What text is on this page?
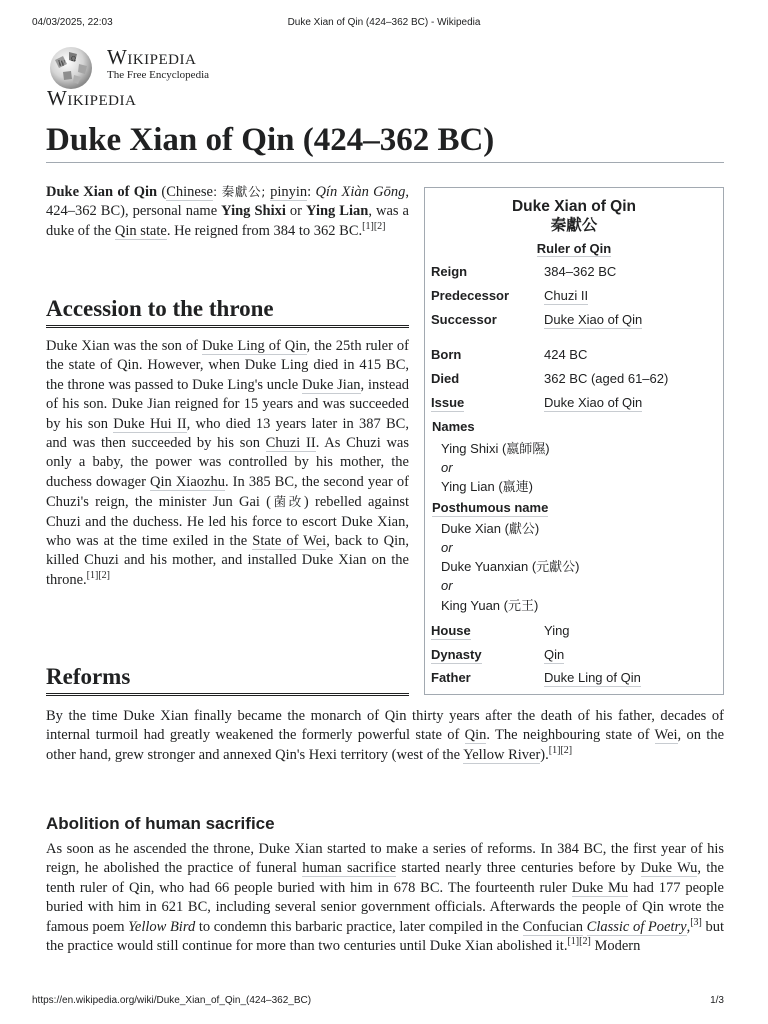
04/03/2025, 22:03	Duke Xian of Qin (424–362 BC) - Wikipedia
W
Ω Wikipedia
The Free Encyclopedia
Wikipedia
Duke Xian of Qin (424–362 BC)
Duke Xian of Qin (Chinese: 秦獻公; pinyin: Qín Xiàn Gōng, 424–362 BC), personal name Ying Shixi or Ying Lian, was a duke of the Qin state. He reigned from 384 to 362 BC.[1][2]
Accession to the throne
Duke Xian was the son of Duke Ling of Qin, the 25th ruler of the state of Qin. However, when Duke Ling died in 415 BC, the throne was passed to Duke Ling's uncle Duke Jian, instead of his son. Duke Jian reigned for 15 years and was succeeded by his son Duke Hui II, who died 13 years later in 387 BC, and was then succeeded by his son Chuzi II. As Chuzi was only a baby, the power was controlled by his mother, the duchess dowager Qin Xiaozhu. In 385 BC, the second year of Chuzi's reign, the minister Jun Gai (菌改) rebelled against Chuzi and the duchess. He led his force to escort Duke Xian, who was at the time exiled in the State of Wei, back to Qin, killed Chuzi and his mother, and installed Duke Xian on the throne.[1][2]
Reforms
By the time Duke Xian finally became the monarch of Qin thirty years after the death of his father, decades of internal turmoil had greatly weakened the formerly powerful state of Qin. The neighbouring state of Wei, on the other hand, grew stronger and annexed Qin's Hexi territory (west of the Yellow River).[1][2]
Abolition of human sacrifice
As soon as he ascended the throne, Duke Xian started to make a series of reforms. In 384 BC, the first year of his reign, he abolished the practice of funeral human sacrifice started nearly three centuries before by Duke Wu, the tenth ruler of Qin, who had 66 people buried with him in 678 BC. The fourteenth ruler Duke Mu had 177 people buried with him in 621 BC, including several senior government officials. Afterwards the people of Qin wrote the famous poem Yellow Bird to condemn this barbaric practice, later compiled in the Confucian Classic of Poetry,[3] but the practice would still continue for more than two centuries until Duke Xian abolished it.[1][2] Modern
Duke Xian of Qin
秦獻公
Ruler of Qin
Reign	384–362 BC
Predecessor	Chuzi II
Successor	Duke Xiao of Qin
Born	424 BC
Died	362 BC (aged 61–62)
Issue	Duke Xiao of Qin
Names
Ying Shixi (嬴師隰)
or
Ying Lian (嬴連)
Posthumous name
Duke Xian (獻公)
or
Duke Yuanxian (元獻公)
or
King Yuan (元王)
House	Ying
Dynasty	Qin
Father	Duke Ling of Qin
https://en.wikipedia.org/wiki/Duke_Xian_of_Qin_(424–362_BC)	1/3
